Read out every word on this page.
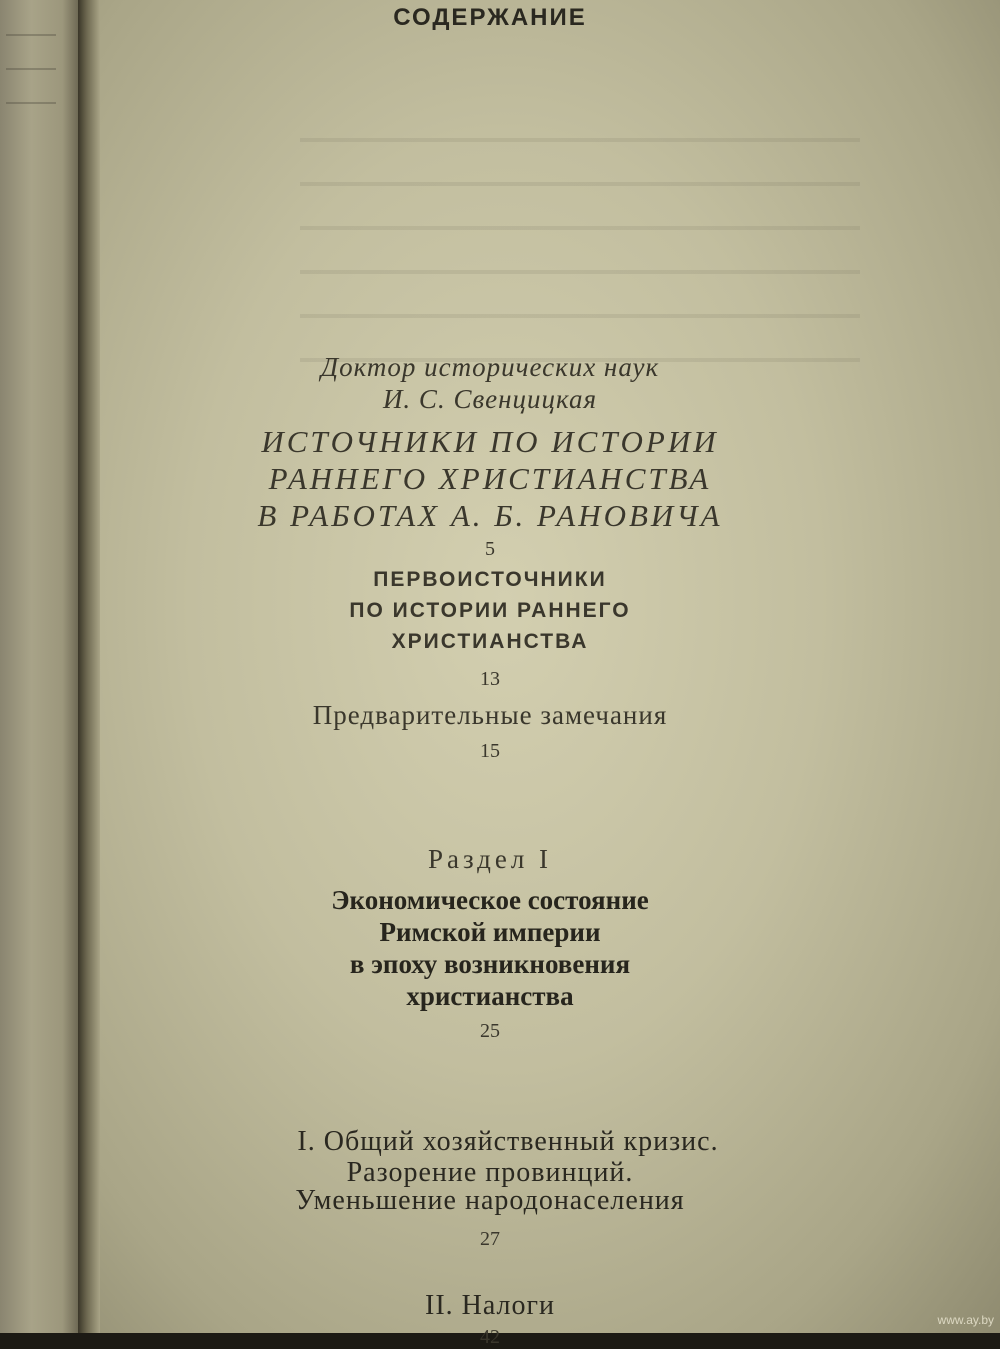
СОДЕРЖАНИЕ
Доктор исторических наук
И. С. Свенцицкая
ИСТОЧНИКИ ПО ИСТОРИИ
РАННЕГО ХРИСТИАНСТВА
В РАБОТАХ А. Б. РАНОВИЧА
5
ПЕРВОИСТОЧНИКИ
ПО ИСТОРИИ РАННЕГО
ХРИСТИАНСТВА
13
Предварительные замечания
15
Раздел I
Экономическое состояние
Римской империи
в эпоху возникновения
христианства
25
I. Общий хозяйственный кризис.
Разорение провинций.
Уменьшение народонаселения
27
II. Налоги
42
www.ay.by
